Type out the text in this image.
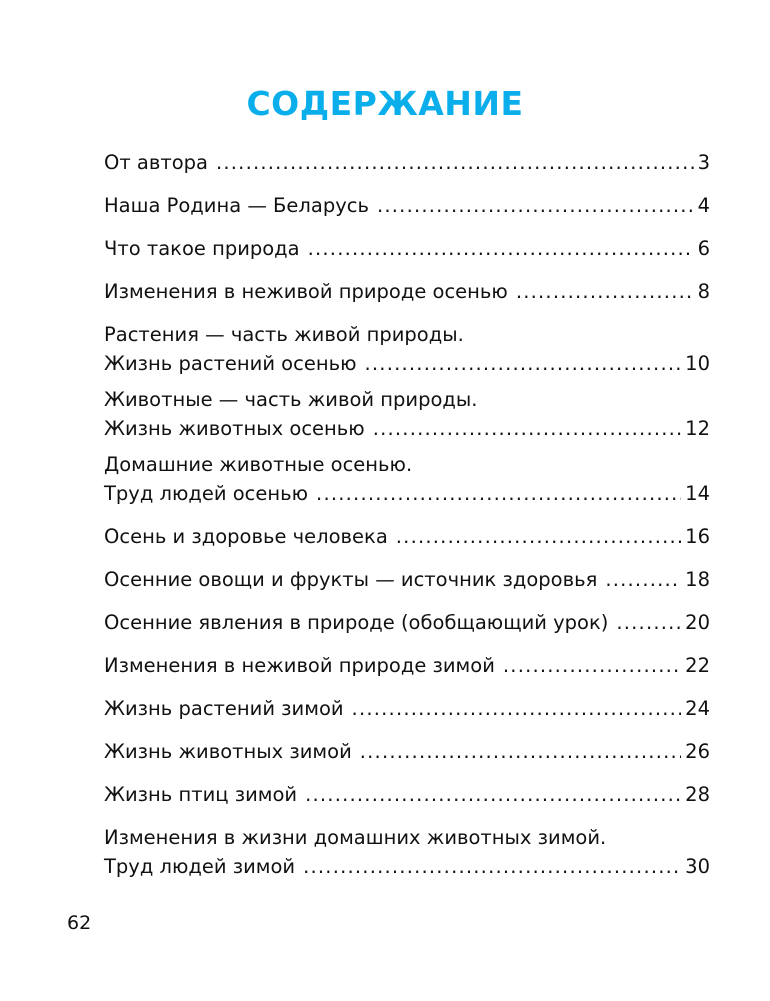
СОДЕРЖАНИЕ
От автора .....	3
Наша Родина — Беларусь .....	4
Что такое природа .....	6
Изменения в неживой природе осенью .....	8
Растения — часть живой природы.
Жизнь растений осенью .....	10
Животные — часть живой природы.
Жизнь животных осенью .....	12
Домашние животные осенью.
Труд людей осенью .....	14
Осень и здоровье человека .....	16
Осенние овощи и фрукты — источник здоровья .....	18
Осенние явления в природе (обобщающий урок) .....	20
Изменения в неживой природе зимой .....	22
Жизнь растений зимой .....	24
Жизнь животных зимой .....	26
Жизнь птиц зимой .....	28
Изменения в жизни домашних животных зимой.
Труд людей зимой .....	30
62
